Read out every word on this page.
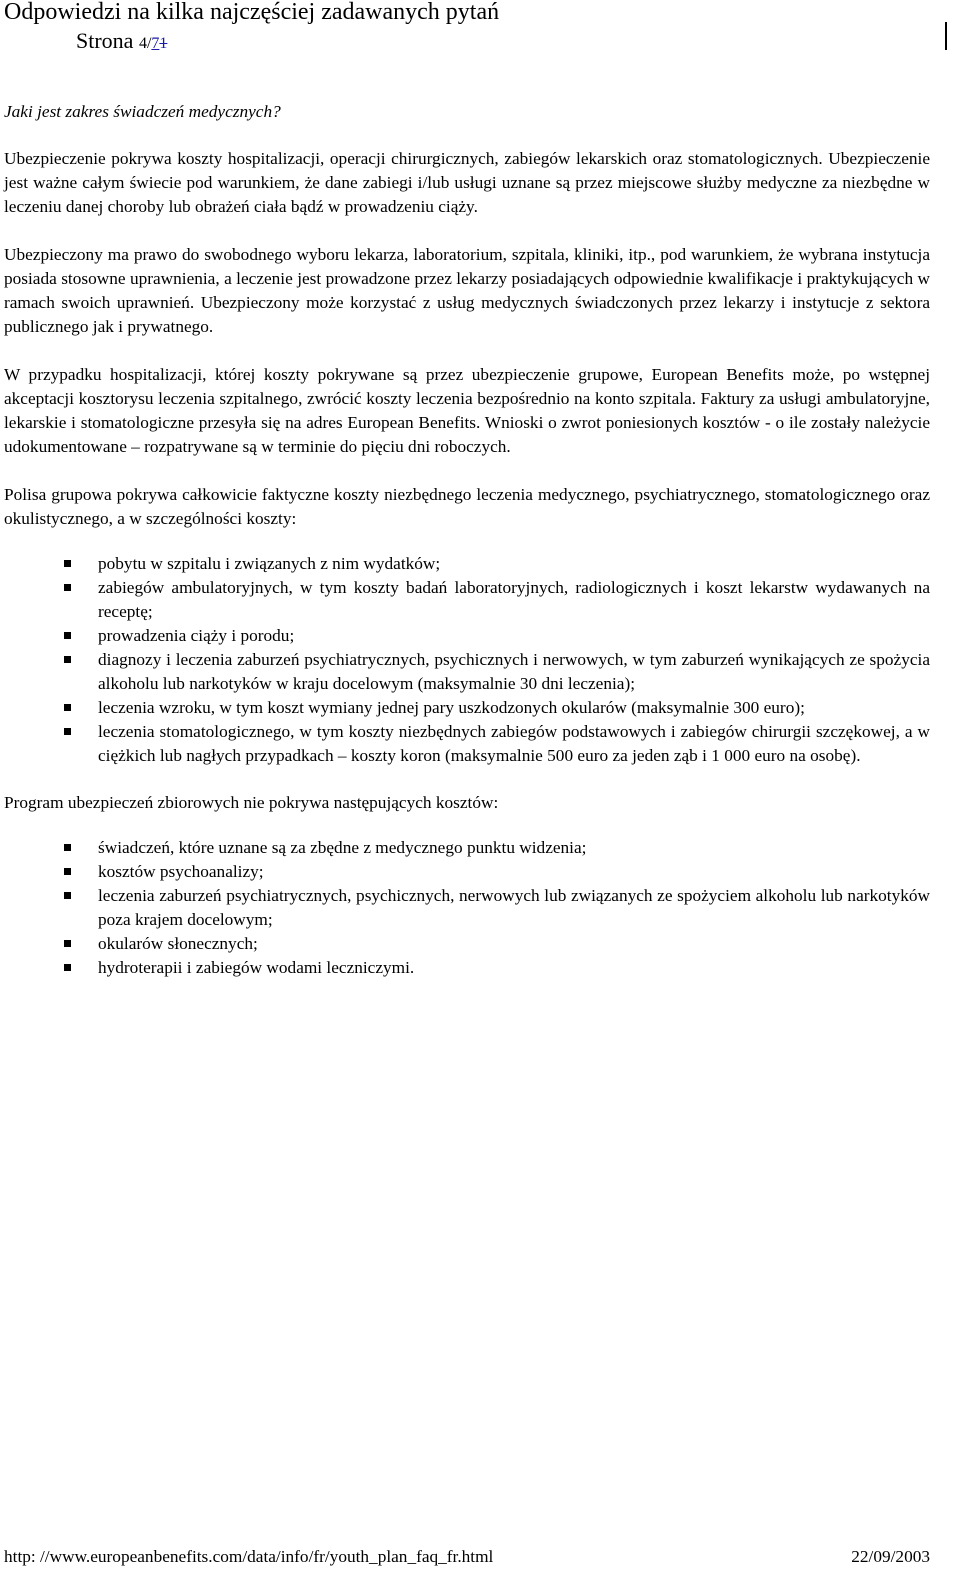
Odpowiedzi na kilka najczęściej zadawanych pytań
Strona 4/71
Jaki jest zakres świadczeń medycznych?

Ubezpieczenie pokrywa koszty hospitalizacji, operacji chirurgicznych, zabiegów lekarskich oraz stomatologicznych. Ubezpieczenie jest ważne całym świecie pod warunkiem, że dane zabiegi i/lub usługi uznane są przez miejscowe służby medyczne za niezbędne w leczeniu danej choroby lub obrażeń ciała bądź w prowadzeniu ciąży.

Ubezpieczony ma prawo do swobodnego wyboru lekarza, laboratorium, szpitala, kliniki, itp., pod warunkiem, że wybrana instytucja posiada stosowne uprawnienia, a leczenie jest prowadzone przez lekarzy posiadających odpowiednie kwalifikacje i praktykujących w ramach swoich uprawnień. Ubezpieczony może korzystać z usług medycznych świadczonych przez lekarzy i instytucje z sektora publicznego jak i prywatnego.

W przypadku hospitalizacji, której koszty pokrywane są przez ubezpieczenie grupowe, European Benefits może, po wstępnej akceptacji kosztorysu leczenia szpitalnego, zwrócić koszty leczenia bezpośrednio na konto szpitala. Faktury za usługi ambulatoryjne, lekarskie i stomatologiczne przesyła się na adres European Benefits. Wnioski o zwrot poniesionych kosztów - o ile zostały należycie udokumentowane – rozpatrywane są w terminie do pięciu dni roboczych.

Polisa grupowa pokrywa całkowicie faktyczne koszty niezbędnego leczenia medycznego, psychiatrycznego, stomatologicznego oraz okulistycznego, a w szczególności koszty:

pobytu w szpitalu i związanych z nim wydatków;
zabiegów ambulatoryjnych, w tym koszty badań laboratoryjnych, radiologicznych i koszt lekarstw wydawanych na receptę;
prowadzenia ciąży i porodu;
diagnozy i leczenia zaburzeń psychiatrycznych, psychicznych i nerwowych, w tym zaburzeń wynikających ze spożycia alkoholu lub narkotyków w kraju docelowym (maksymalnie 30 dni leczenia);
leczenia wzroku, w tym koszt wymiany jednej pary uszkodzonych okularów (maksymalnie 300 euro);
leczenia stomatologicznego, w tym koszty niezbędnych zabiegów podstawowych i zabiegów chirurgii szczękowej, a w ciężkich lub nagłych przypadkach – koszty koron (maksymalnie 500 euro za jeden ząb i 1 000 euro na osobę).

Program ubezpieczeń zbiorowych nie pokrywa następujących kosztów:

świadczeń, które uznane są za zbędne z medycznego punktu widzenia;
kosztów psychoanalizy;
leczenia zaburzeń psychiatrycznych, psychicznych, nerwowych lub związanych ze spożyciem alkoholu lub narkotyków poza krajem docelowym;
okularów słonecznych;
hydroterapii i zabiegów wodami leczniczymi.
http: //www.europeanbenefits.com/data/info/fr/youth_plan_faq_fr.html	22/09/2003
